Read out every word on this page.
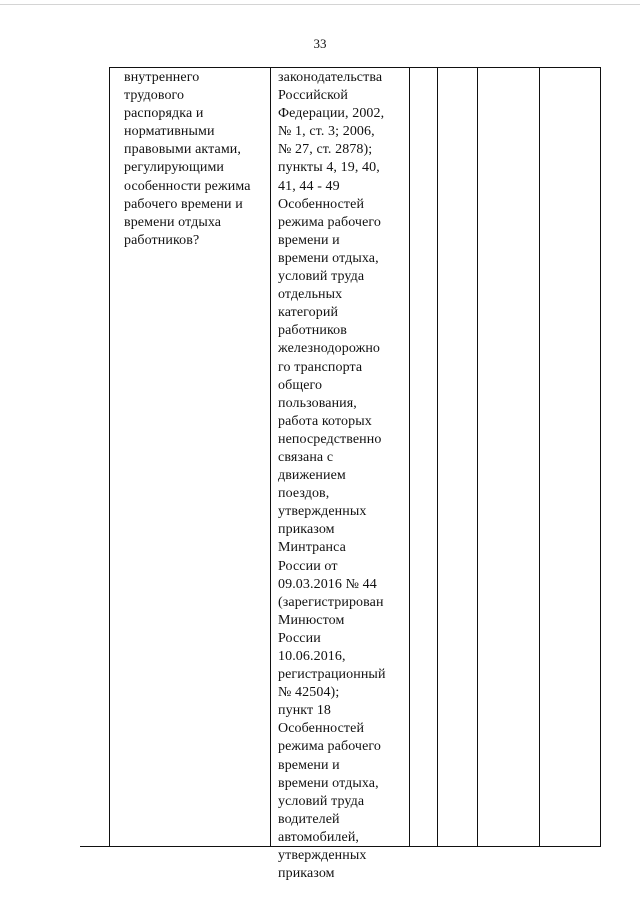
33
внутреннего
трудового
распорядка и
нормативными
правовыми актами,
регулирующими
особенности режима
рабочего времени и
времени отдыха
работников?
законодательства
Российской
Федерации, 2002,
№ 1, ст. 3; 2006,
№ 27, ст. 2878);
пункты 4, 19, 40,
41, 44 - 49
Особенностей
режима рабочего
времени и
времени отдыха,
условий труда
отдельных
категорий
работников
железнодорожно
го транспорта
общего
пользования,
работа которых
непосредственно
связана с
движением
поездов,
утвержденных
приказом
Минтранса
России от
09.03.2016 № 44
(зарегистрирован
Минюстом
России
10.06.2016,
регистрационный
№ 42504);
пункт 18
Особенностей
режима рабочего
времени и
времени отдыха,
условий труда
водителей
автомобилей,
утвержденных
приказом
